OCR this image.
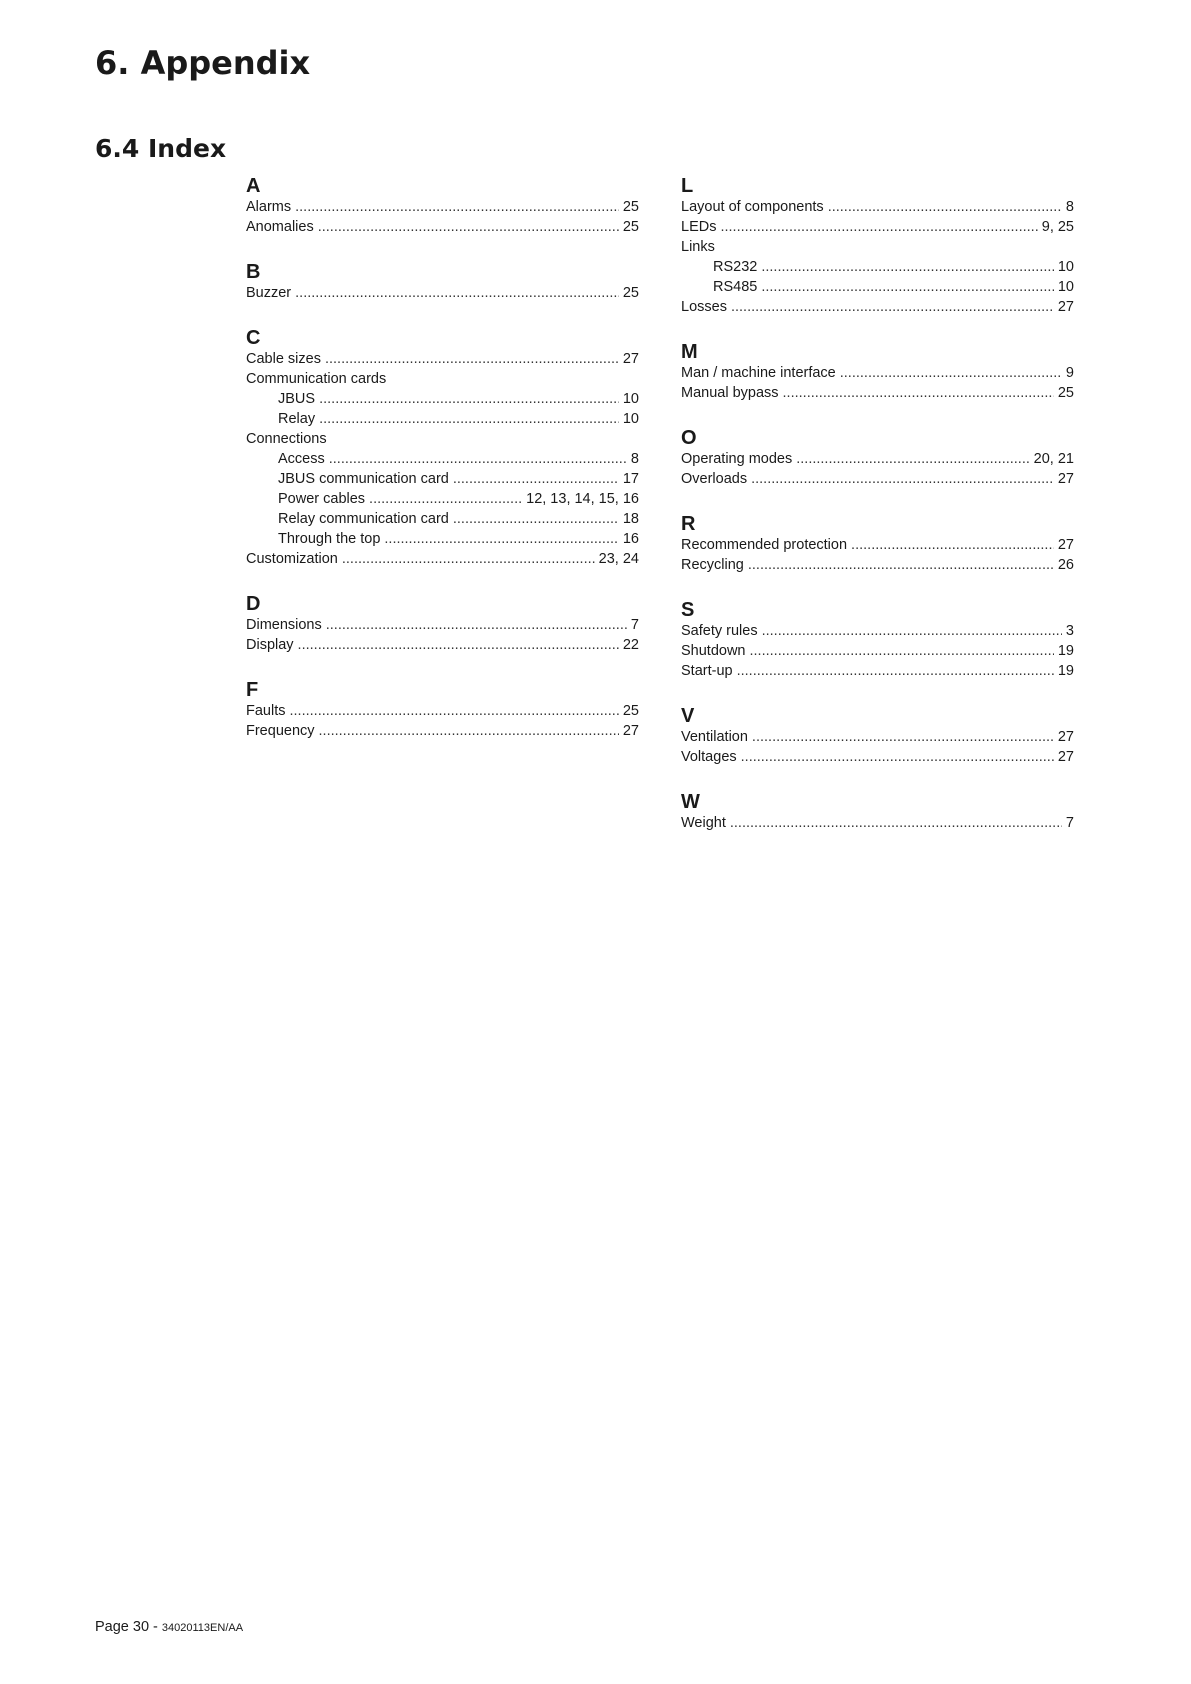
6. Appendix
6.4 Index
A
Alarms .....	25
Anomalies .....	25
B
Buzzer .....	25
C
Cable sizes .....	27
Communication cards
JBUS .....	10
Relay .....	10
Connections
Access .....	8
JBUS communication card .....	17
Power cables .....	12, 13, 14, 15, 16
Relay communication card .....	18
Through the top .....	16
Customization .....	23, 24
D
Dimensions .....	7
Display .....	22
F
Faults .....	25
Frequency .....	27
L
Layout of components .....	8
LEDs .....	9, 25
Links
RS232 .....	10
RS485 .....	10
Losses .....	27
M
Man / machine interface .....	9
Manual bypass .....	25
O
Operating modes .....	20, 21
Overloads .....	27
R
Recommended protection .....	27
Recycling .....	26
S
Safety rules .....	3
Shutdown .....	19
Start-up .....	19
V
Ventilation .....	27
Voltages .....	27
W
Weight .....	7
Page 30 - 34020113EN/AA
